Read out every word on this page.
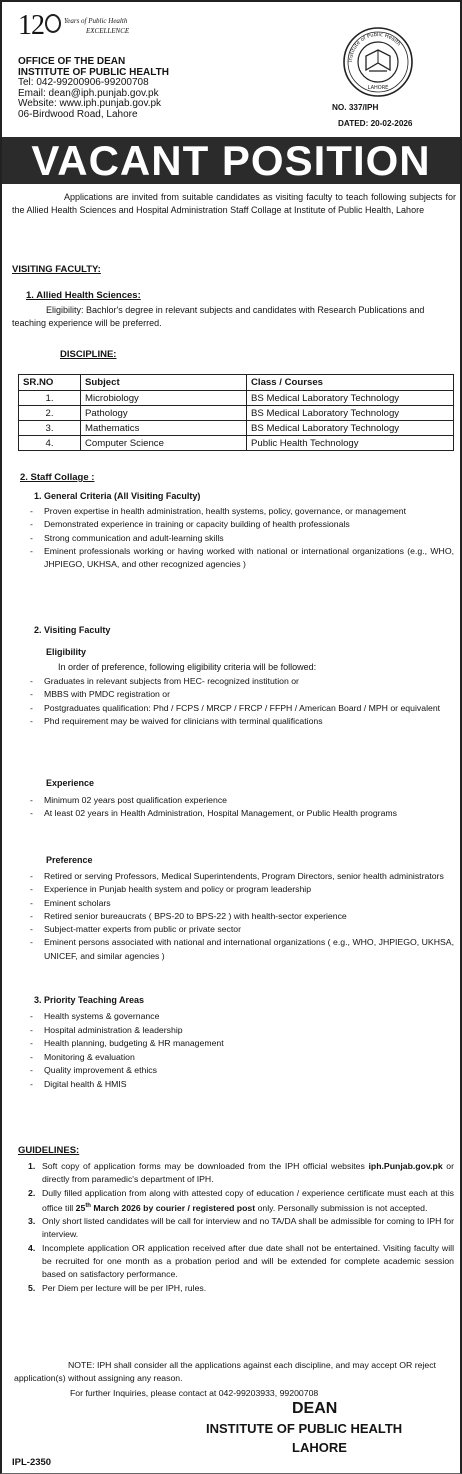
12	Years of Public Health
EXCELLENCE
OFFICE OF THE DEAN
INSTITUTE OF PUBLIC HEALTH
Tel: 042-99200906-99200708
Email: dean@iph.punjab.gov.pk
Website: www.iph.punjab.gov.pk
06-Birdwood Road, Lahore
Institute of Public Health
LAHORE
NO. 337/IPH
DATED: 20-02-2026
VACANT POSITION
Applications are invited from suitable candidates as visiting faculty to teach following subjects for the Allied Health Sciences and Hospital Administration Staff Collage at Institute of Public Health, Lahore
VISITING FACULTY:
1. Allied Health Sciences:
Eligibility: Bachlor's degree in relevant subjects and candidates with Research Publications and teaching experience will be preferred.
DISCIPLINE:
SR.NO	Subject	Class / Courses
1.	Microbiology	BS Medical Laboratory Technology
2.	Pathology	BS Medical Laboratory Technology
3.	Mathematics	BS Medical Laboratory Technology
4.	Computer Science	Public Health Technology
2. Staff Collage :
1. General Criteria (All Visiting Faculty)
- Proven expertise in health administration, health systems, policy, governance, or management
- Demonstrated experience in training or capacity building of health professionals
- Strong communication and adult-learning skills
- Eminent professionals working or having worked with national or international organizations (e.g., WHO, JHPIEGO, UKHSA, and other recognized agencies )
2. Visiting Faculty
Eligibility
In order of preference, following eligibility criteria will be followed:
- Graduates in relevant subjects from HEC- recognized institution or
- MBBS with PMDC registration or
- Postgraduates qualification: Phd / FCPS / MRCP / FRCP / FFPH / American Board / MPH or equivalent
- Phd requirement may be waived for clinicians with terminal qualifications
Experience
- Minimum 02 years post qualification experience
- At least 02 years in Health Administration, Hospital Management, or Public Health programs
Preference
- Retired or serving Professors, Medical Superintendents, Program Directors, senior health administrators
- Experience in Punjab health system and policy or program leadership
- Eminent scholars
- Retired senior bureaucrats ( BPS-20 to BPS-22 ) with health-sector experience
- Subject-matter experts from public or private sector
- Eminent persons associated with national and international organizations ( e.g., WHO, JHPIEGO, UKHSA, UNICEF, and similar agencies )
3. Priority Teaching Areas
- Health systems & governance
- Hospital administration & leadership
- Health planning, budgeting & HR management
- Monitoring & evaluation
- Quality improvement & ethics
- Digital health & HMIS
GUIDELINES:
1. Soft copy of application forms may be downloaded from the IPH official websites iph.Punjab.gov.pk or directly from paramedic's department of IPH.
2. Dully filled application from along with attested copy of education / experience certificate must each at this office till 25th March 2026 by courier / registered post only. Personally submission is not accepted.
3. Only short listed candidates will be call for interview and no TA/DA shall be admissible for coming to IPH for interview.
4. Incomplete application OR application received after due date shall not be entertained. Visiting faculty will be recruited for one month as a probation period and will be extended for complete academic session based on satisfactory performance.
5. Per Diem per lecture will be per IPH, rules.
NOTE: IPH shall consider all the applications against each discipline, and may accept OR reject application(s) without assigning any reason.
For further Inquiries, please contact at 042-99203933, 99200708
DEAN
INSTITUTE OF PUBLIC HEALTH
LAHORE
IPL-2350
